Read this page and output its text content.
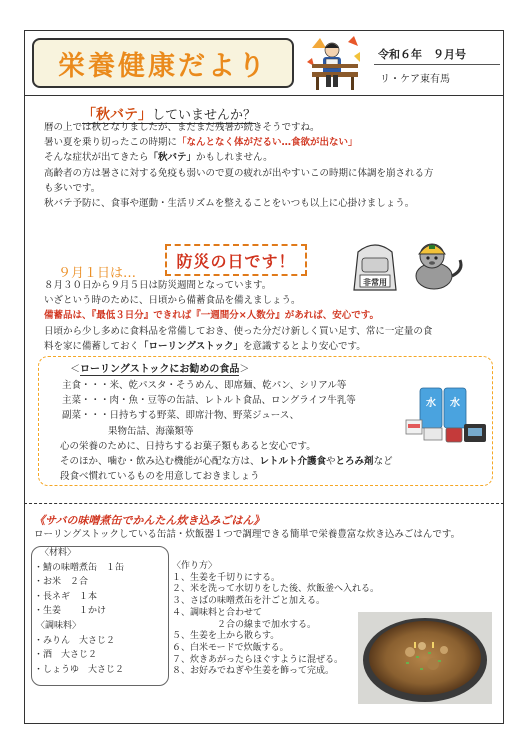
栄養健康だより	令和６年　９月号
リ・ケア東有馬
「秋バテ」していませんか？
暦の上では秋となりましたが、まだまだ残暑が続きそうですね。
暑い夏を乗り切ったこの時期に「なんとなく体がだるい…食欲が出ない」
そんな症状が出てきたら「秋バテ」かもしれません。
高齢者の方は暑さに対する免疫も弱いので夏の疲れが出やすいこの時期に体調を崩される方
も多いです。
秋バテ予防に、食事や運動・生活リズムを整えることをいつも以上に心掛けましょう。
９月１日は…
防災の日です！
非常用
８月３０日から９月５日は防災週間となっています。
いざという時のために、日頃から備蓄食品を備えましょう。
備蓄品は、『最低３日分』できれば『一週間分×人数分』があれば、安心です。
日頃から少し多めに食料品を常備しておき、使った分だけ新しく買い足す、常に一定量の食
料を家に備蓄しておく「ローリングストック」を意識するとより安心です。
＜ローリングストックにお勧めの食品＞
主食・・・米、乾パスタ・そうめん、即席麺、乾パン、シリアル等
主菜・・・肉・魚・豆等の缶詰、レトルト食品、ロングライフ牛乳等
副菜・・・日持ちする野菜、即席汁物、野菜ジュース、
果物缶詰、海藻類等
心の栄養のために、日持ちするお菓子類もあると安心です。
そのほか、噛む・飲み込む機能が心配な方は、レトルト介護食やとろみ剤など
段食べ慣れているものを用意しておきましょう
水 水
《サバの味噌煮缶でかんたん炊き込みごはん》
ローリングストックしている缶詰・炊飯器１つで調理できる簡単で栄養豊富な炊き込みごはんです。
〈材料〉
・鯖の味噌煮缶　１缶
・お米　２合
・長ネギ　１本
・生姜　　１かけ
〈調味料〉
・みりん　大さじ２
・酒　大さじ２
・しょうゆ　大さじ２
〈作り方〉
１、生姜を千切りにする。
２、米を洗って水切りをした後、炊飯釜へ入れる。
３、さばの味噌煮缶を汁ごと加える。
４、調味料と合わせて
　　　　　２合の線まで加水する。
５、生姜を上から散らす。
６、白米モードで炊飯する。
７、炊きあがったらほぐすように混ぜる。
８、お好みでねぎや生姜を飾って完成。
